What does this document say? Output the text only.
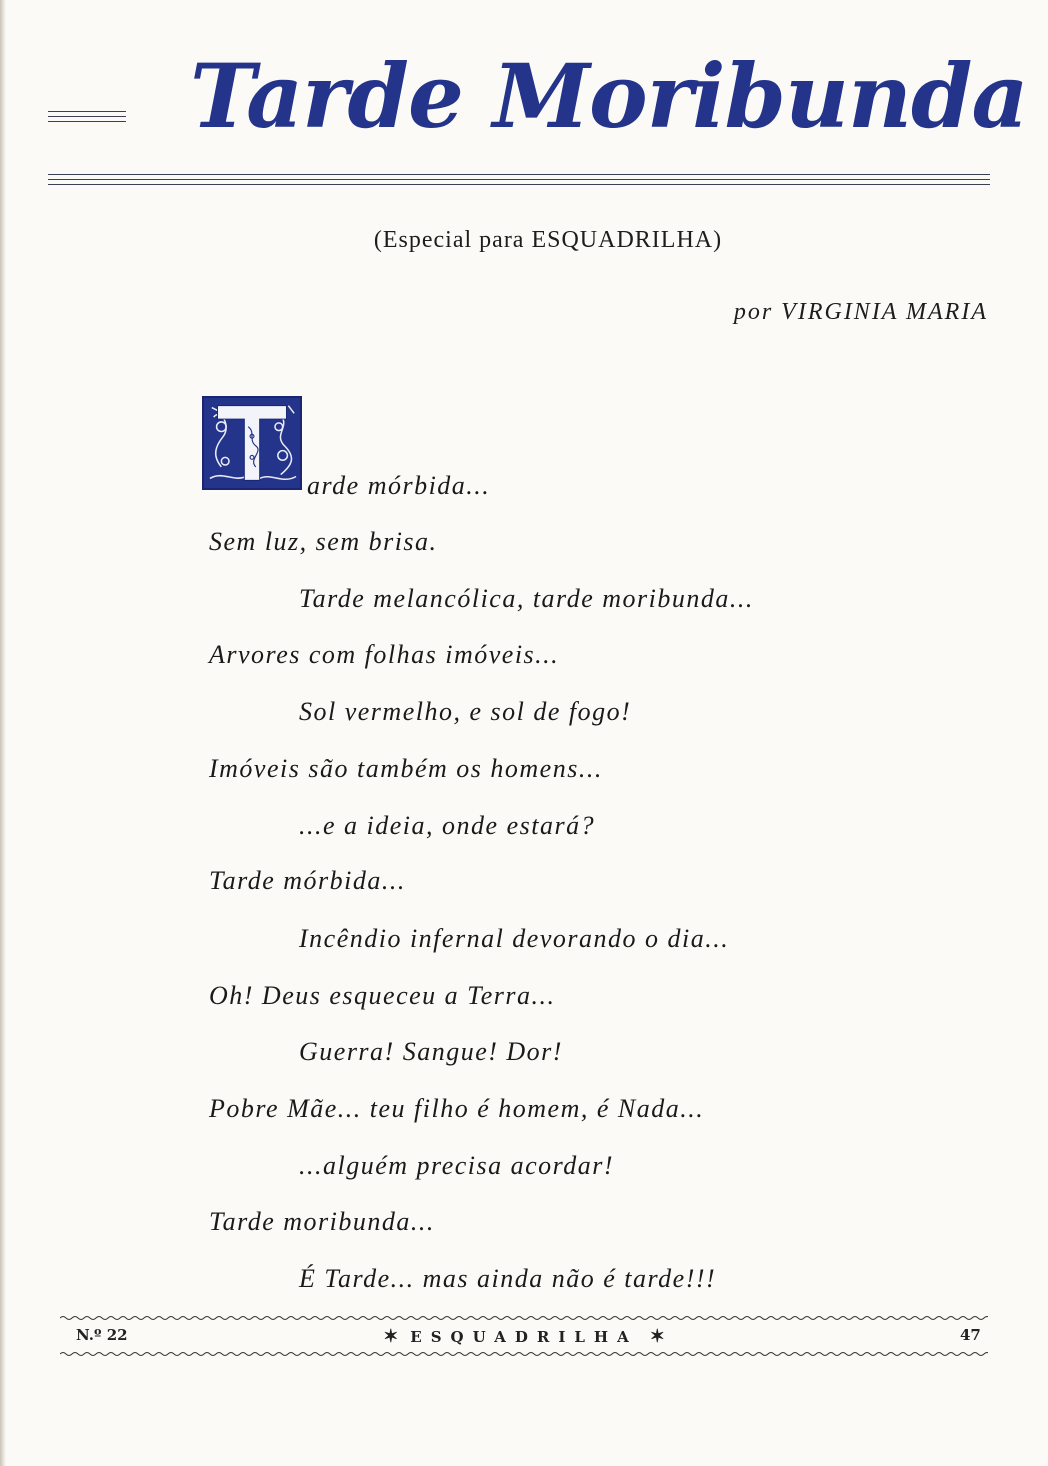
Tarde Moribunda
(Especial para ESQUADRILHA)
por VIRGINIA MARIA
arde mórbida...
Sem luz, sem brisa.
Tarde melancólica, tarde moribunda...
Arvores com folhas imóveis...
Sol vermelho, e sol de fogo!
Imóveis são também os homens...
...e a ideia, onde estará?
Tarde mórbida...
Incêndio infernal devorando o dia...
Oh! Deus esqueceu a Terra...
Guerra! Sangue! Dor!
Pobre Mãe... teu filho é homem, é Nada...
...alguém precisa acordar!
Tarde moribunda...
É Tarde... mas ainda não é tarde!!!
N.º 22	✶ ESQUADRILHA ✶	47
